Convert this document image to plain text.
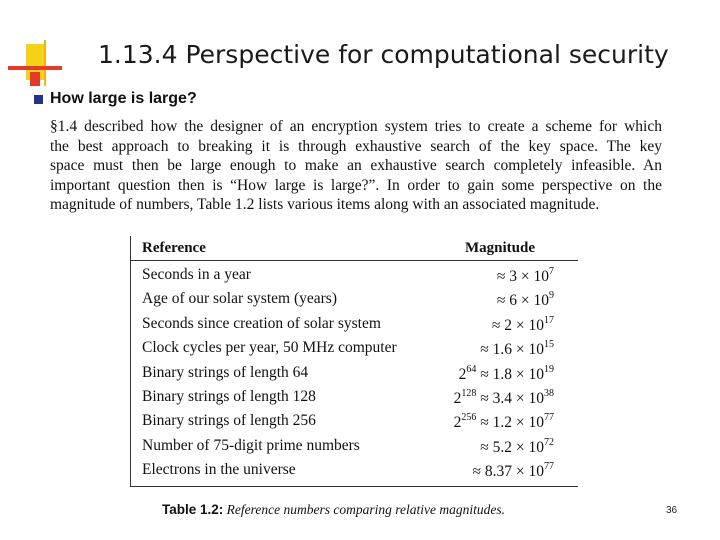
1.13.4 Perspective for computational security
How large is large?
§1.4 described how the designer of an encryption system tries to create a scheme for which
the best approach to breaking it is through exhaustive search of the key space. The key
space must then be large enough to make an exhaustive search completely infeasible. An
important question then is “How large is large?”. In order to gain some perspective on the
magnitude of numbers, Table 1.2 lists various items along with an associated magnitude.
Reference	Magnitude
Seconds in a year	≈ $3 \times 10^7$
Age of our solar system (years)	≈ $6 \times 10^9$
Seconds since creation of solar system	≈ $2 \times 10^{17}$
Clock cycles per year, 50 MHz computer	≈ $1.6 \times 10^{15}$
Binary strings of length 64	$2^{64} \approx 1.8 \times 10^{19}$
Binary strings of length 128	$2^{128} \approx 3.4 \times 10^{38}$
Binary strings of length 256	$2^{256} \approx 1.2 \times 10^{77}$
Number of 75-digit prime numbers	≈ $5.2 \times 10^{72}$
Electrons in the universe	≈ $8.37 \times 10^{77}$
Table 1.2: Reference numbers comparing relative magnitudes.	36
